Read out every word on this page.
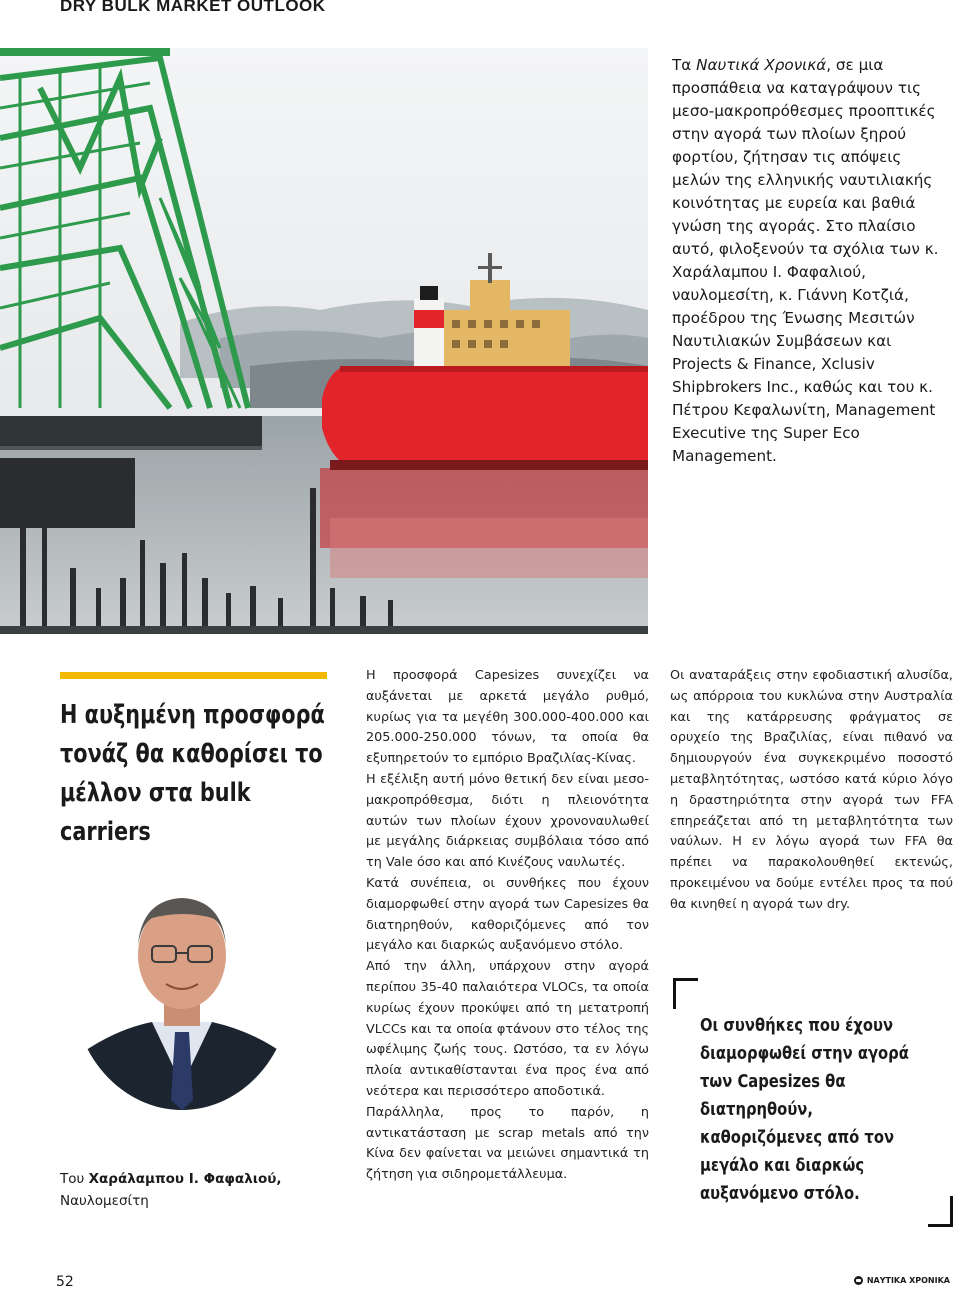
DRY BULK MARKET OUTLOOK
Τα Ναυτικά Χρονικά, σε μια προσπάθεια να καταγράψουν τις μεσο-μακροπρόθεσμες προοπτικές στην αγορά των πλοίων ξηρού φορτίου, ζήτησαν τις απόψεις μελών της ελληνικής ναυτιλιακής κοινότητας με ευρεία και βαθιά γνώση της αγοράς. Στο πλαίσιο αυτό, φιλοξενούν τα σχόλια των κ. Χαράλαμπου Ι. Φαφαλιού, ναυλομεσίτη, κ. Γιάννη Κοτζιά, προέδρου της Ένωσης Μεσιτών Ναυτιλιακών Συμβάσεων και Projects & Finance, Xclusiv Shipbrokers Inc., καθώς και του κ. Πέτρου Κεφαλωνίτη, Management Executive της Super Eco Management.
Η αυξημένη προσφορά τονάζ θα καθορίσει το μέλλον στα bulk carriers
Του Χαράλαμπου Ι. Φαφαλιού,
Ναυλομεσίτη

Η προσφορά Capesizes συνεχίζει να αυξάνεται με αρκετά μεγάλο ρυθμό, κυρίως για τα μεγέθη 300.000-400.000 και 205.000-250.000 τόνων, τα οποία θα εξυπηρετούν το εμπόριο Βραζιλίας-Κίνας.

Η εξέλιξη αυτή μόνο θετική δεν είναι μεσο-μακροπρόθεσμα, διότι η πλειονότητα αυτών των πλοίων έχουν χρονοναυλωθεί με μεγάλης διάρκειας συμβόλαια τόσο από τη Vale όσο και από Κινέζους ναυλωτές.

Κατά συνέπεια, οι συνθήκες που έχουν διαμορφωθεί στην αγορά των Capesizes θα διατηρηθούν, καθοριζόμενες από τον μεγάλο και διαρκώς αυξανόμενο στόλο.

Από την άλλη, υπάρχουν στην αγορά περίπου 35-40 παλαιότερα VLOCs, τα οποία κυρίως έχουν προκύψει από τη μετατροπή VLCCs και τα οποία φτάνουν στο τέλος της ωφέλιμης ζωής τους. Ωστόσο, τα εν λόγω πλοία αντικαθίστανται ένα προς ένα από νεότερα και περισσότερο αποδοτικά.

Παράλληλα, προς το παρόν, η αντικατάσταση με scrap metals από την Κίνα δεν φαίνεται να μειώνει σημαντικά τη ζήτηση για σιδηρομετάλλευμα.

Οι αναταράξεις στην εφοδιαστική αλυσίδα, ως απόρροια του κυκλώνα στην Αυστραλία και της κατάρρευσης φράγματος σε ορυχείο της Βραζιλίας, είναι πιθανό να δημιουργούν ένα συγκεκριμένο ποσοστό μεταβλητότητας, ωστόσο κατά κύριο λόγο η δραστηριότητα στην αγορά των FFA επηρεάζεται από τη μεταβλητότητα των ναύλων. Η εν λόγω αγορά των FFA θα πρέπει να παρακολουθηθεί εκτενώς, προκειμένου να δούμε εντέλει προς τα πού θα κινηθεί η αγορά των dry.

Οι συνθήκες που έχουν διαμορφωθεί στην αγορά των Capesizes θα διατηρηθούν, καθοριζόμενες από τον μεγάλο και διαρκώς αυξανόμενο στόλο.
52	ΝΑΥΤΙΚΑ ΧΡΟΝΙΚΑ
